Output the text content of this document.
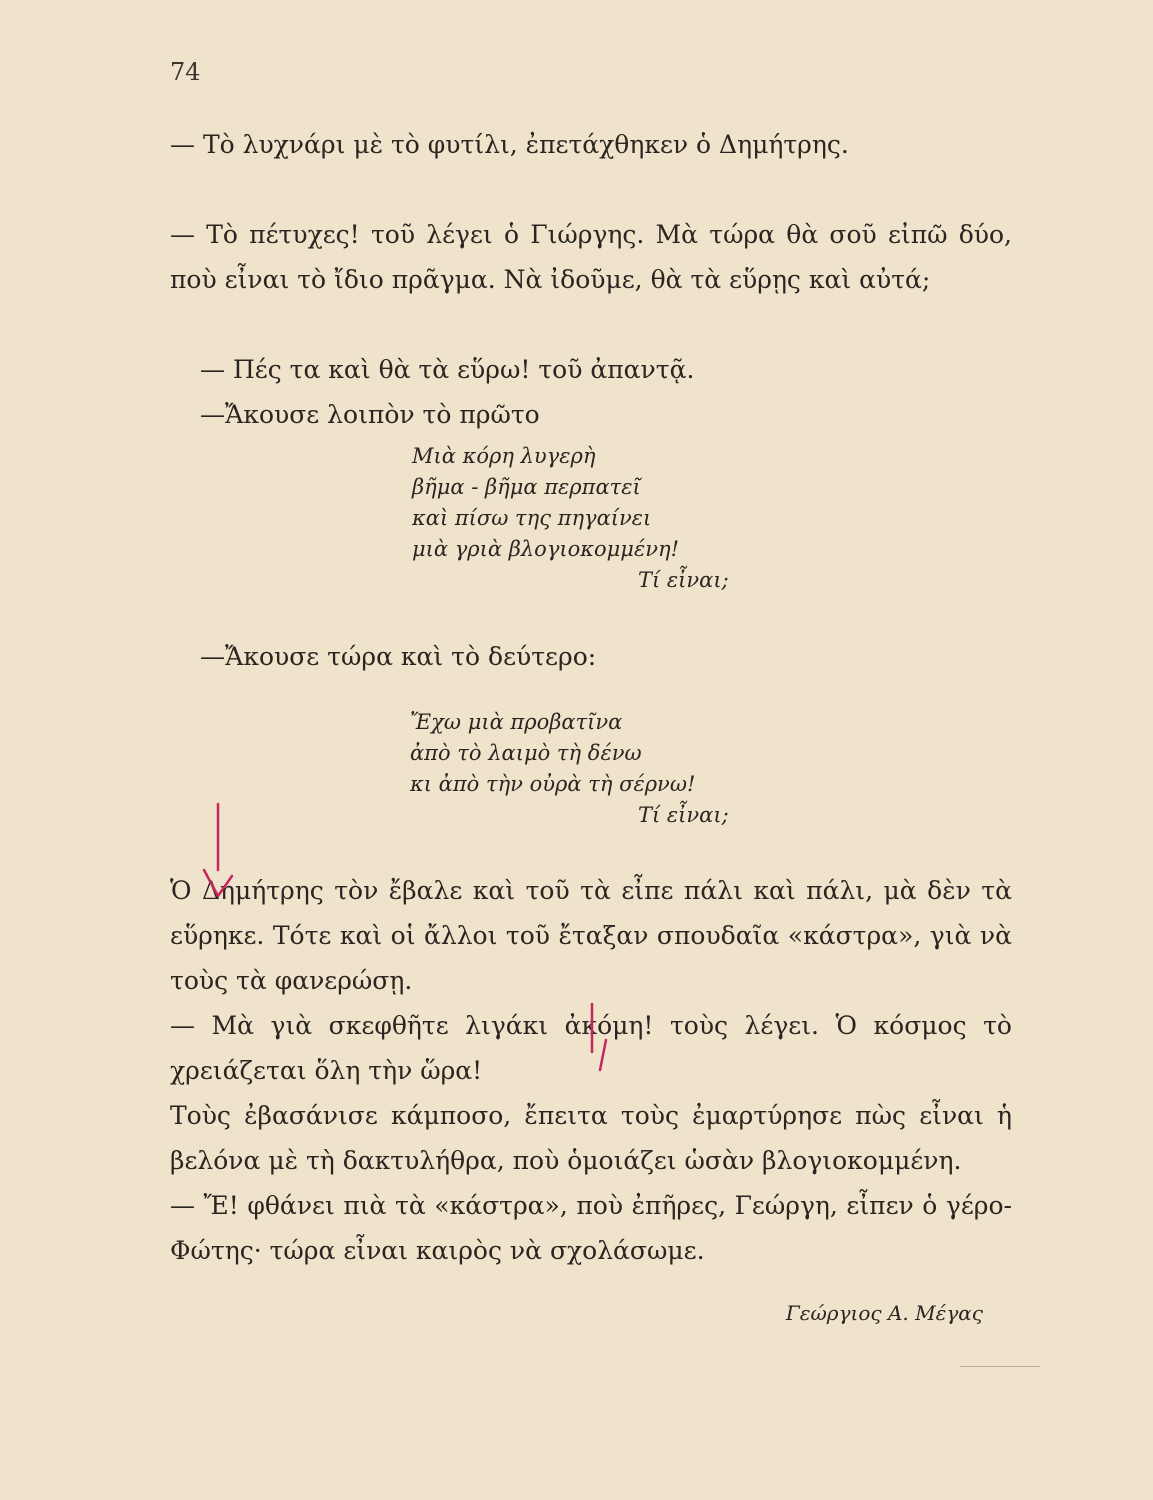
74

— Τὸ λυχνάρι μὲ τὸ φυτίλι, ἐπετάχθηκεν ὁ Δημήτρης.

— Τὸ πέτυχες! τοῦ λέγει ὁ Γιώργης. Μὰ τώρα θὰ σοῦ εἰπῶ δύο, ποὺ εἶναι τὸ ἴδιο πρᾶγμα. Νὰ ἰδοῦμε, θὰ τὰ εὕρῃς καὶ αὐτά;

— Πές τα καὶ θὰ τὰ εὕρω! τοῦ ἀπαντᾷ.

—Ἄκουσε λοιπὸν τὸ πρῶτο

Μιὰ κόρη λυγερὴ
βῆμα - βῆμα περπατεῖ
καὶ πίσω της πηγαίνει
μιὰ γριὰ βλογιοκομμένη!
Τί εἶναι;

—Ἄκουσε τώρα καὶ τὸ δεύτερο:

Ἔχω μιὰ προβατῖνα
ἀπὸ τὸ λαιμὸ τὴ δένω
κι ἀπὸ τὴν οὐρὰ τὴ σέρνω!
Τί εἶναι;

Ὁ Δημήτρης τὸν ἔβαλε καὶ τοῦ τὰ εἶπε πάλι καὶ πάλι, μὰ δὲν τὰ εὕρηκε. Τότε καὶ οἱ ἄλλοι τοῦ ἔταξαν σπουδαῖα «κάστρα», γιὰ νὰ τοὺς τὰ φανερώσῃ.

— Μὰ γιὰ σκεφθῆτε λιγάκι ἀκόμη! τοὺς λέγει. Ὁ κόσμος τὸ χρειάζεται ὅλη τὴν ὥρα!

Τοὺς ἐβασάνισε κάμποσο, ἔπειτα τοὺς ἐμαρτύρησε πὼς εἶναι ἡ βελόνα μὲ τὴ δακτυλήθρα, ποὺ ὁμοιάζει ὡσὰν βλογιοκομμένη.

— Ἔ! φθάνει πιὰ τὰ «κάστρα», ποὺ ἐπῆρες, Γεώργη, εἶπεν ὁ γέρο-Φώτης· τώρα εἶναι καιρὸς νὰ σχολάσωμε.

Γεώργιος Α. Μέγας
